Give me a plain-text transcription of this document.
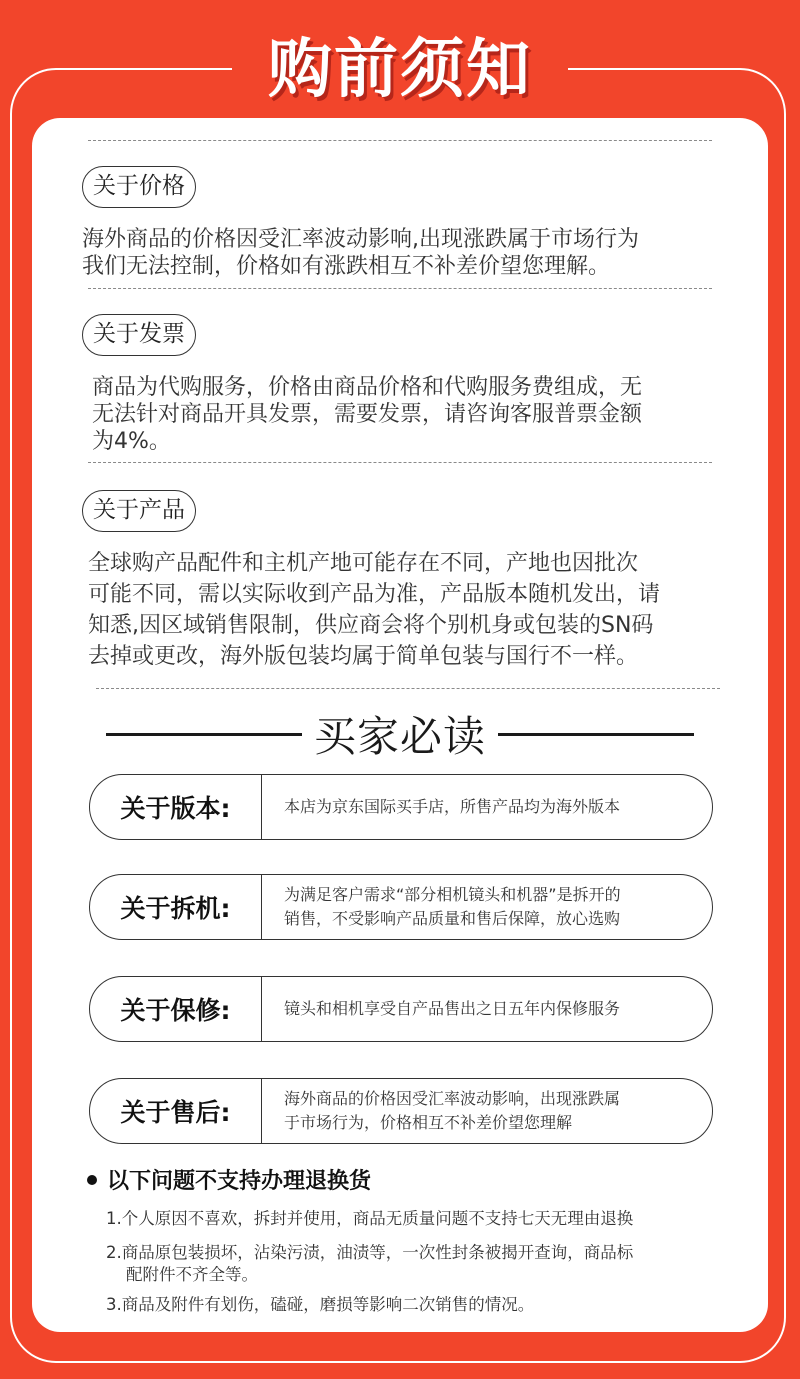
购前须知
关于价格
海外商品的价格因受汇率波动影响,出现涨跌属于市场行为
我们无法控制，价格如有涨跌相互不补差价望您理解。
关于发票
商品为代购服务，价格由商品价格和代购服务费组成，无
无法针对商品开具发票，需要发票，请咨询客服普票金额
为4%。
关于产品
全球购产品配件和主机产地可能存在不同，产地也因批次
可能不同，需以实际收到产品为准，产品版本随机发出，请
知悉,因区域销售限制，供应商会将个别机身或包装的SN码
去掉或更改，海外版包装均属于简单包装与国行不一样。
买家必读
关于版本:	本店为京东国际买手店，所售产品均为海外版本
关于拆机:	为满足客户需求“部分相机镜头和机器”是拆开的
销售，不受影响产品质量和售后保障，放心选购
关于保修:	镜头和相机享受自产品售出之日五年内保修服务
关于售后:	海外商品的价格因受汇率波动影响，出现涨跌属
于市场行为，价格相互不补差价望您理解
以下问题不支持办理退换货
1.个人原因不喜欢，拆封并使用，商品无质量问题不支持七天无理由退换
2.商品原包装损坏，沾染污渍，油渍等，一次性封条被揭开查询，商品标
配附件不齐全等。
3.商品及附件有划伤，磕碰，磨损等影响二次销售的情况。
